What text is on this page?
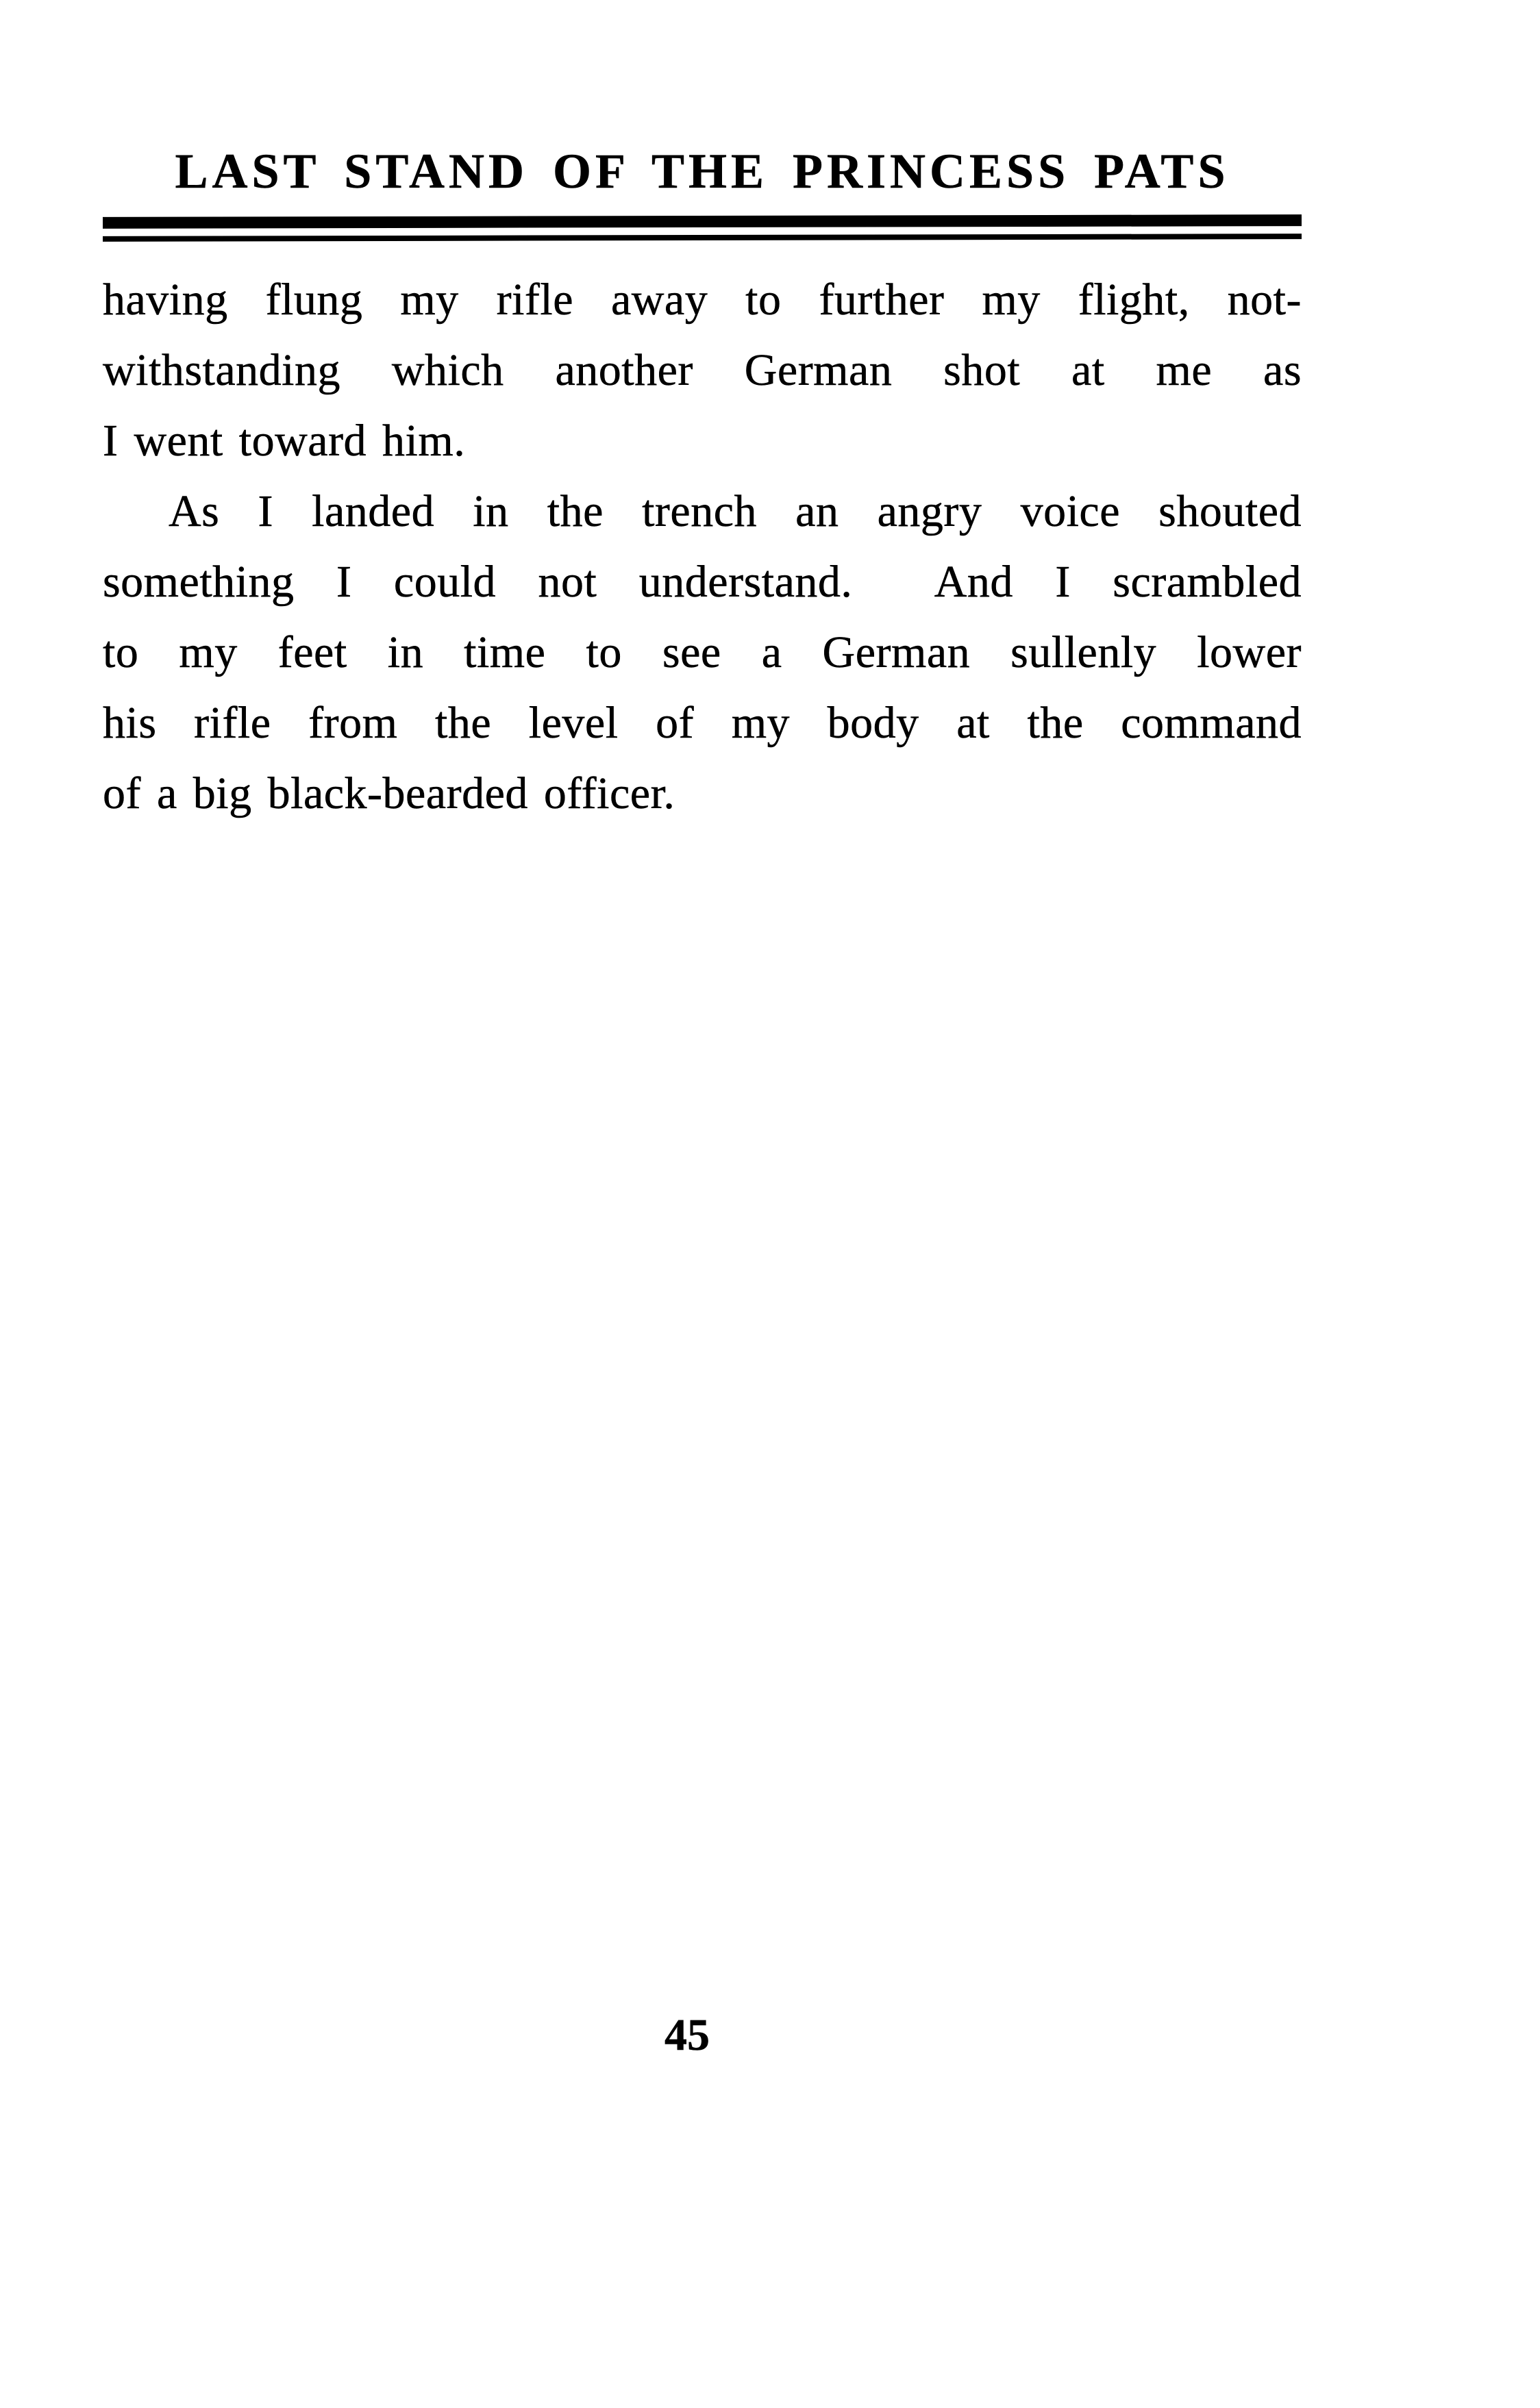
LAST STAND OF THE PRINCESS PATS
having flung my rifle away to further my flight, not-
withstanding which another German shot at me as
I went toward him.
As I landed in the trench an angry voice shouted
something I could not understand.  And I scrambled
to my feet in time to see a German sullenly lower
his rifle from the level of my body at the command
of a big black-bearded officer.
45
